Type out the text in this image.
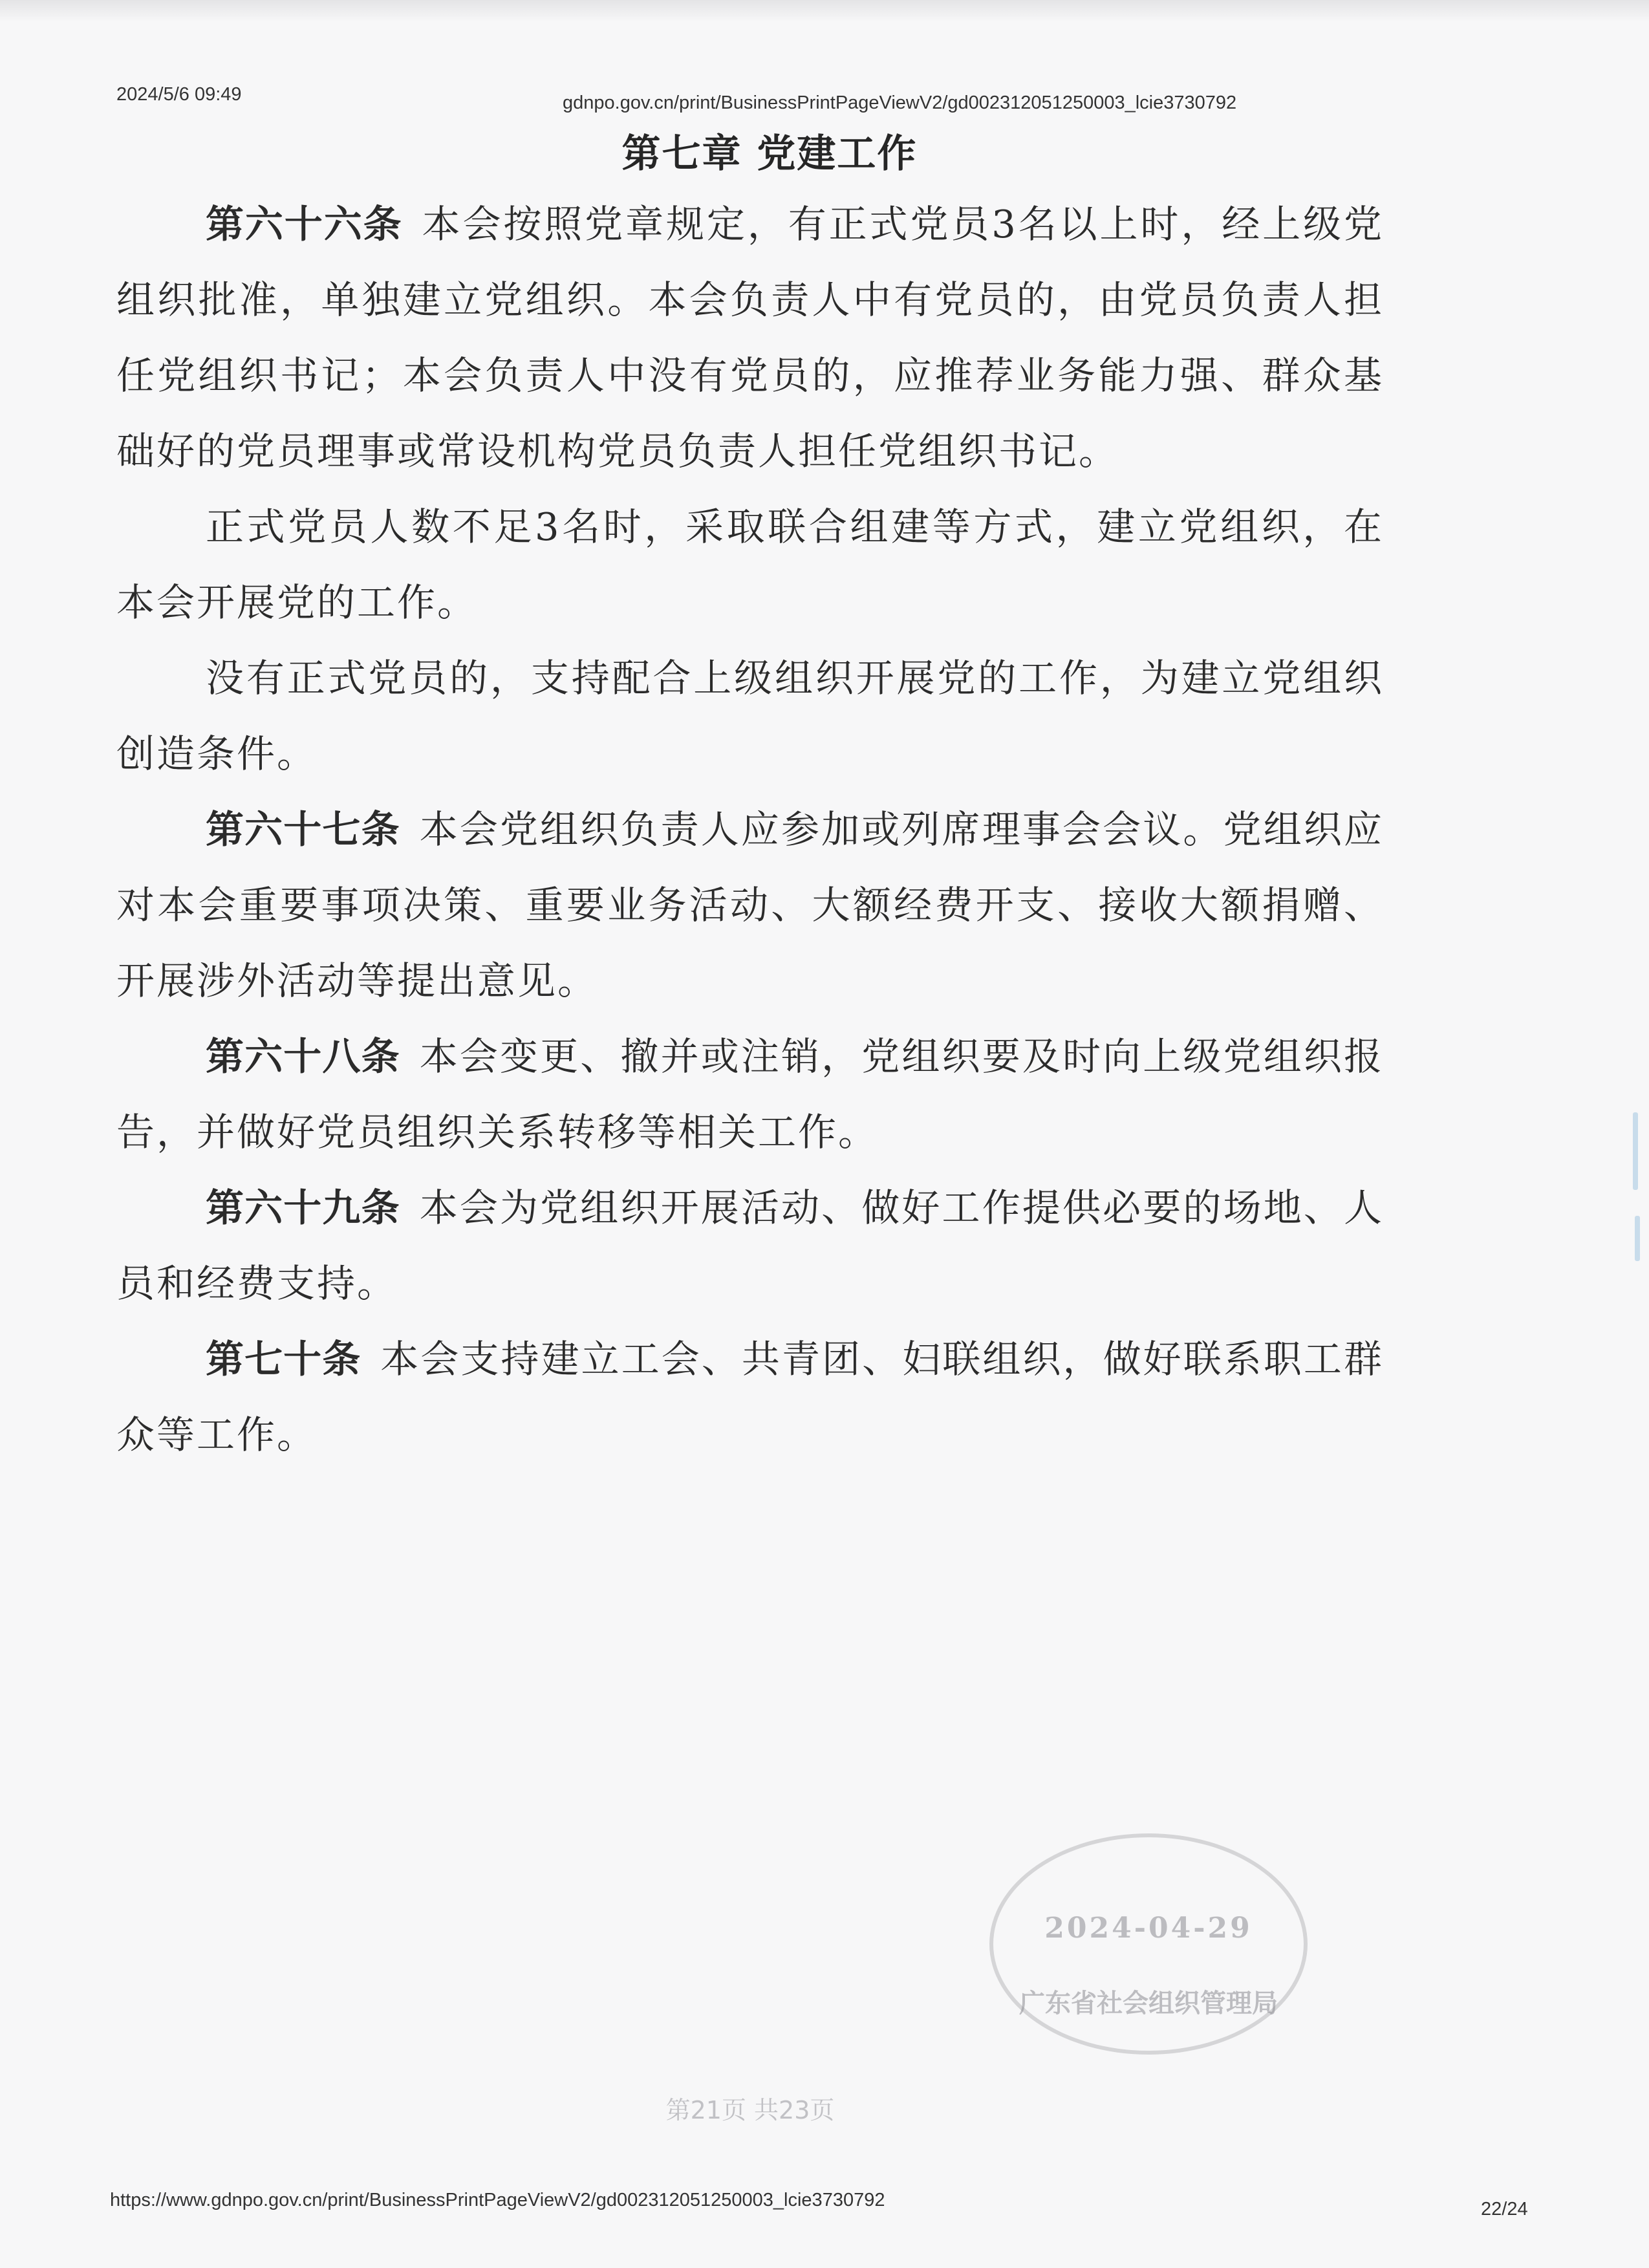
2024/5/6 09:49	gdnpo.gov.cn/print/BusinessPrintPageViewV2/gd002312051250003_lcie3730792
第七章 党建工作

第六十六条 本会按照党章规定，有正式党员3名以上时，经上级党组织批准，单独建立党组织。本会负责人中有党员的，由党员负责人担任党组织书记；本会负责人中没有党员的，应推荐业务能力强、群众基础好的党员理事或常设机构党员负责人担任党组织书记。

正式党员人数不足3名时，采取联合组建等方式，建立党组织，在本会开展党的工作。

没有正式党员的，支持配合上级组织开展党的工作，为建立党组织创造条件。

第六十七条 本会党组织负责人应参加或列席理事会会议。党组织应对本会重要事项决策、重要业务活动、大额经费开支、接收大额捐赠、开展涉外活动等提出意见。

第六十八条 本会变更、撤并或注销，党组织要及时向上级党组织报告，并做好党员组织关系转移等相关工作。

第六十九条 本会为党组织开展活动、做好工作提供必要的场地、人员和经费支持。

第七十条 本会支持建立工会、共青团、妇联组织，做好联系职工群众等工作。

2024-04-29
广东省社会组织管理局
第21页 共23页
https://www.gdnpo.gov.cn/print/BusinessPrintPageViewV2/gd002312051250003_lcie3730792	22/24
